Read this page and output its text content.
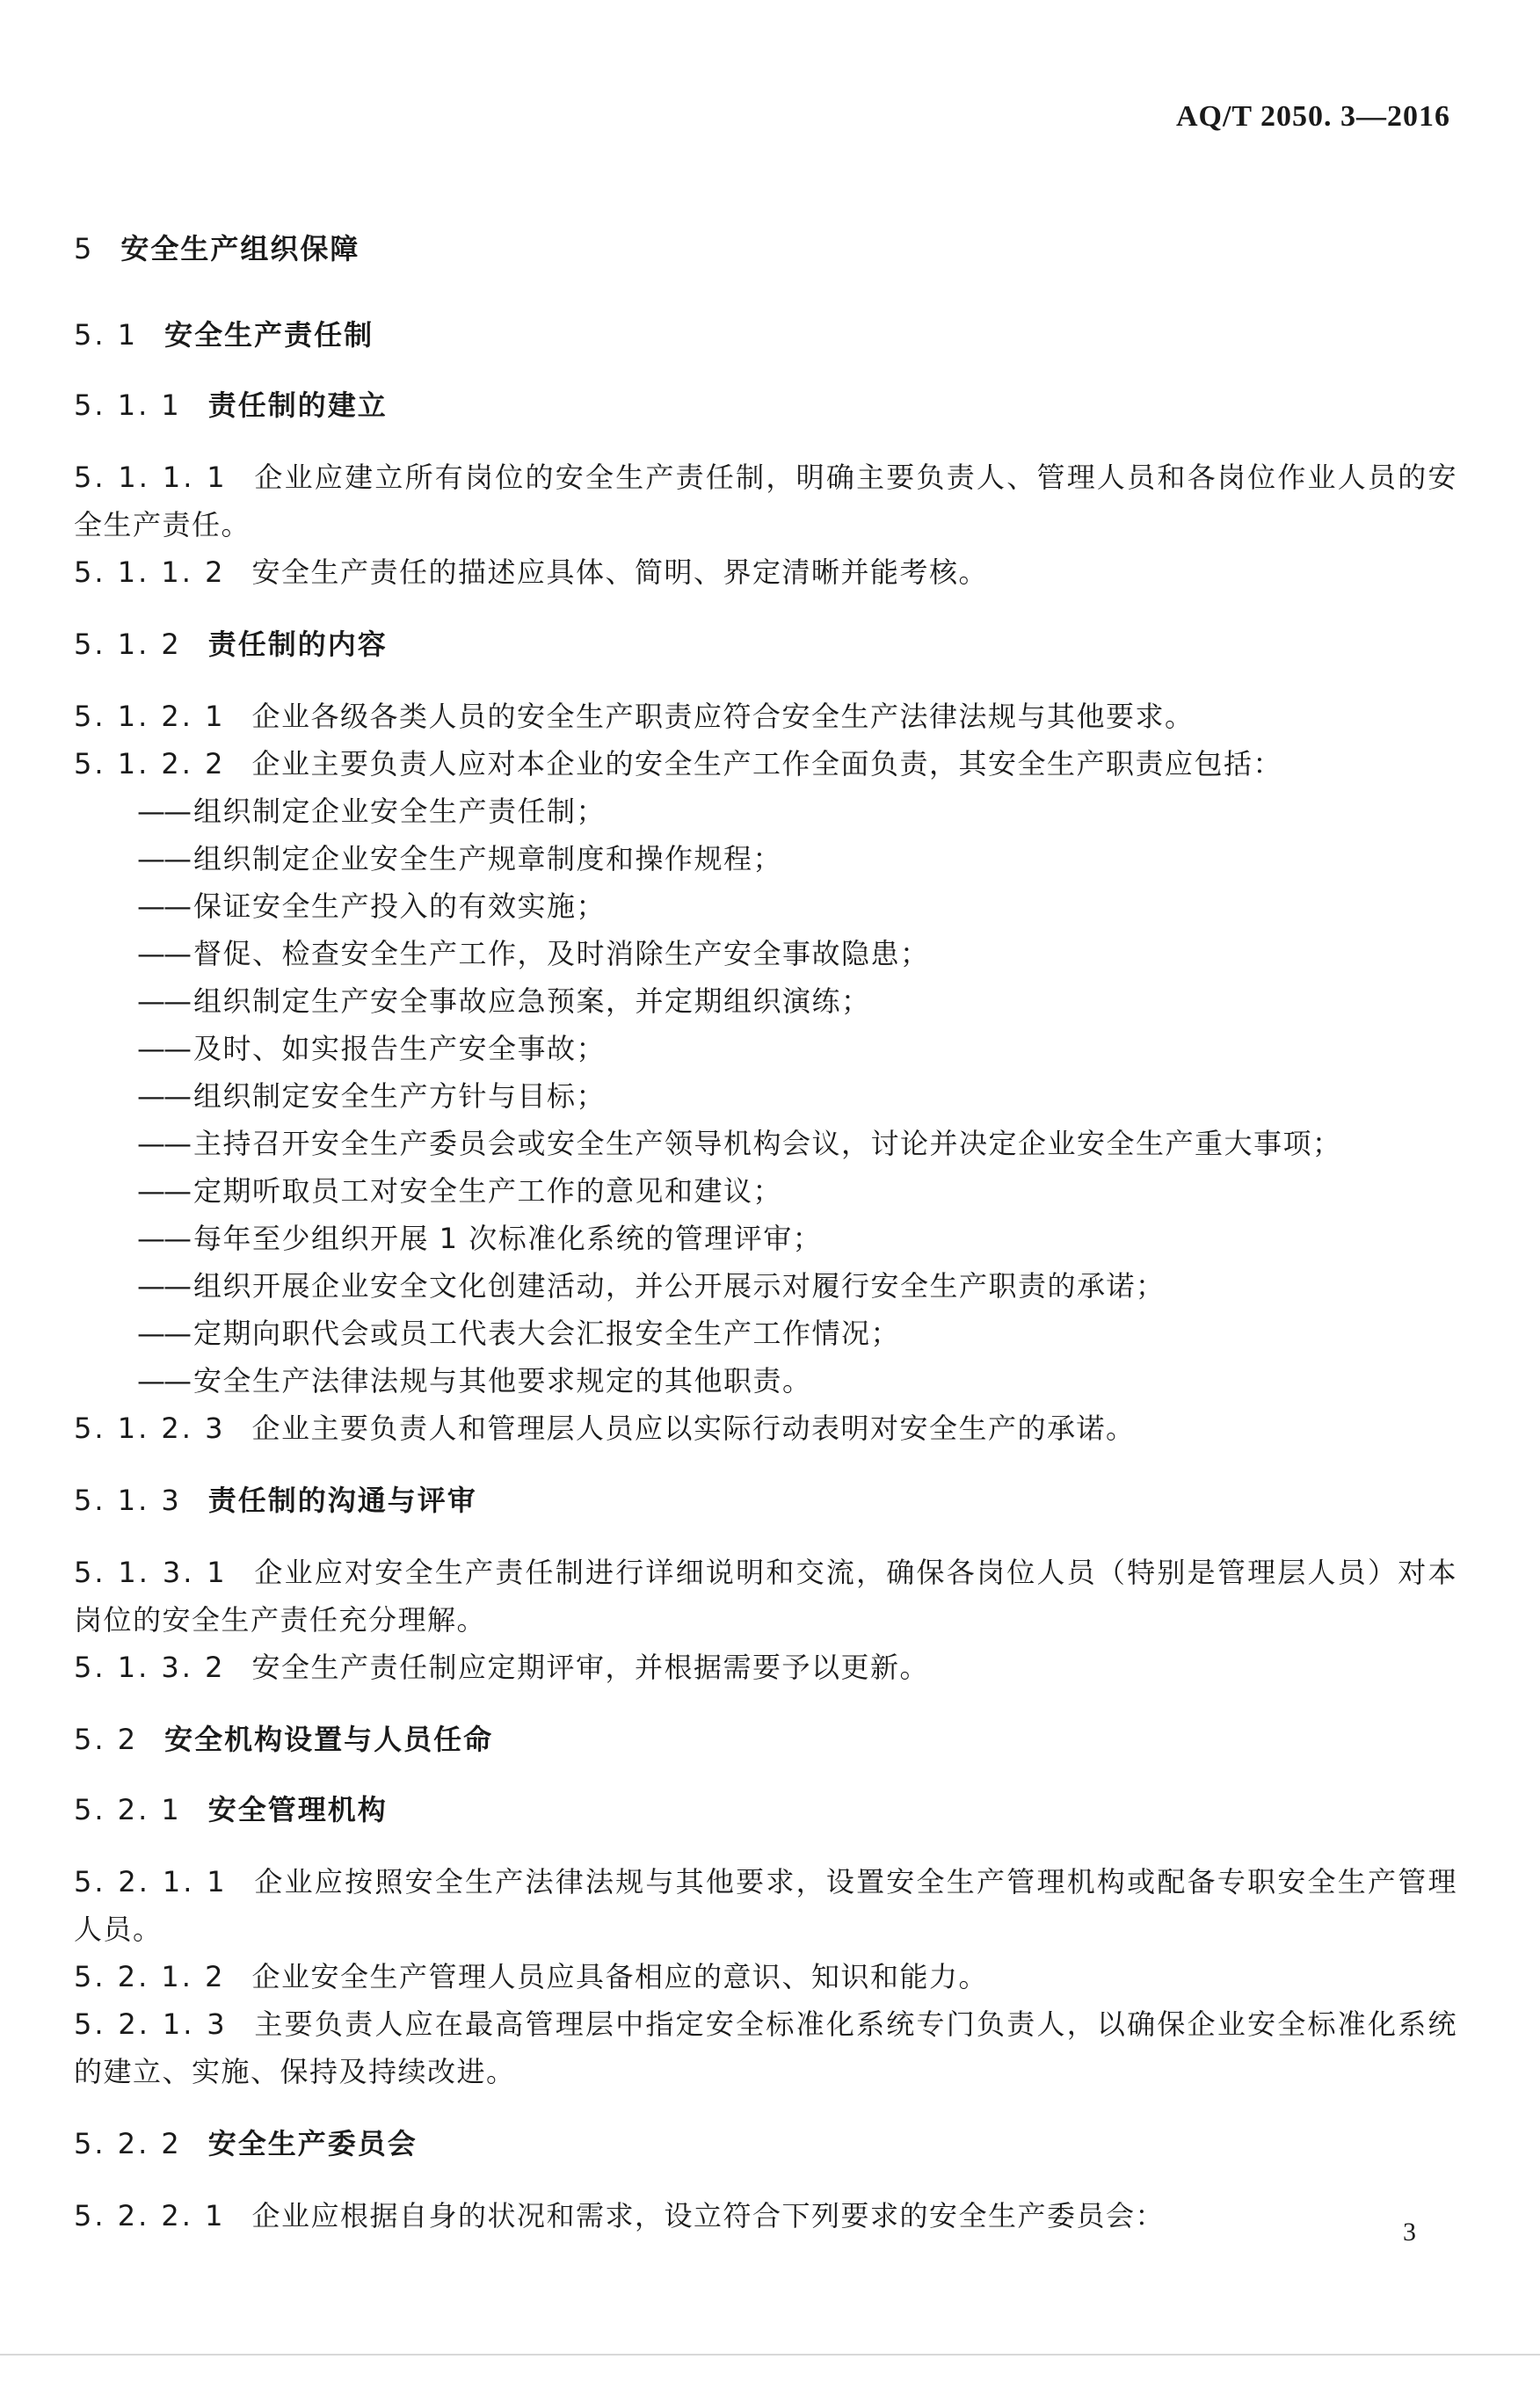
AQ/T 2050. 3—2016
5 安全生产组织保障
5. 1 安全生产责任制
5. 1. 1 责任制的建立
5. 1. 1. 1 企业应建立所有岗位的安全生产责任制，明确主要负责人、管理人员和各岗位作业人员的安全生产责任。
5. 1. 1. 2 安全生产责任的描述应具体、简明、界定清晰并能考核。
5. 1. 2 责任制的内容
5. 1. 2. 1 企业各级各类人员的安全生产职责应符合安全生产法律法规与其他要求。
5. 1. 2. 2 企业主要负责人应对本企业的安全生产工作全面负责，其安全生产职责应包括：
—— 组织制定企业安全生产责任制；
—— 组织制定企业安全生产规章制度和操作规程；
—— 保证安全生产投入的有效实施；
—— 督促、检查安全生产工作，及时消除生产安全事故隐患；
—— 组织制定生产安全事故应急预案，并定期组织演练；
—— 及时、如实报告生产安全事故；
—— 组织制定安全生产方针与目标；
—— 主持召开安全生产委员会或安全生产领导机构会议，讨论并决定企业安全生产重大事项；
—— 定期听取员工对安全生产工作的意见和建议；
—— 每年至少组织开展 1 次标准化系统的管理评审；
—— 组织开展企业安全文化创建活动，并公开展示对履行安全生产职责的承诺；
—— 定期向职代会或员工代表大会汇报安全生产工作情况；
—— 安全生产法律法规与其他要求规定的其他职责。
5. 1. 2. 3 企业主要负责人和管理层人员应以实际行动表明对安全生产的承诺。
5. 1. 3 责任制的沟通与评审
5. 1. 3. 1 企业应对安全生产责任制进行详细说明和交流，确保各岗位人员（特别是管理层人员）对本岗位的安全生产责任充分理解。
5. 1. 3. 2 安全生产责任制应定期评审，并根据需要予以更新。
5. 2 安全机构设置与人员任命
5. 2. 1 安全管理机构
5. 2. 1. 1 企业应按照安全生产法律法规与其他要求，设置安全生产管理机构或配备专职安全生产管理人员。
5. 2. 1. 2 企业安全生产管理人员应具备相应的意识、知识和能力。
5. 2. 1. 3 主要负责人应在最高管理层中指定安全标准化系统专门负责人，以确保企业安全标准化系统的建立、实施、保持及持续改进。
5. 2. 2 安全生产委员会
5. 2. 2. 1 企业应根据自身的状况和需求，设立符合下列要求的安全生产委员会：	3
